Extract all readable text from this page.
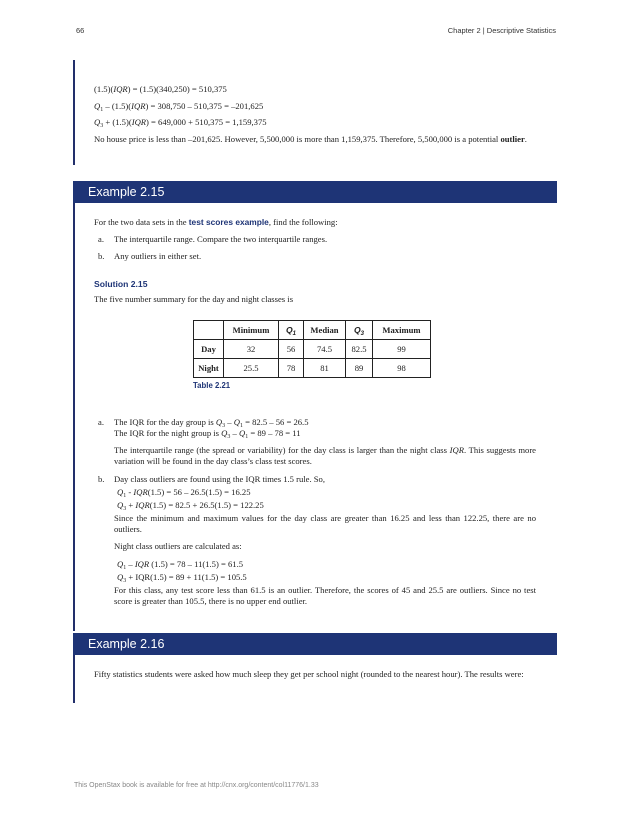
66	Chapter 2 | Descriptive Statistics
This OpenStax book is available for free at http://cnx.org/content/col11776/1.33
(1.5)(IQR) = (1.5)(340,250) = 510,375
$Q_1 - (1.5)(IQR) = 308,750 - 510,375 = -201,625$
$Q_3 + (1.5)(IQR) = 649,000 + 510,375 = 1,159,375$
No house price is less than –201,625. However, 5,500,000 is more than 1,159,375. Therefore, 5,500,000 is a potential outlier.
Example 2.15
For the two data sets in the test scores example, find the following:
a. The interquartile range. Compare the two interquartile ranges.
b. Any outliers in either set.
Solution 2.15
The five number summary for the day and night classes is
	Minimum	$Q_1$	Median	$Q_3$	Maximum
Day	32	56	74.5	82.5	99
Night	25.5	78	81	89	98
Table 2.21
a. The IQR for the day group is $Q_3 - Q_1 = 82.5 - 56 = 26.5$
The IQR for the night group is $Q_3 - Q_1 = 89 - 78 = 11$
The interquartile range (the spread or variability) for the day class is larger than the night class IQR. This suggests more variation will be found in the day class’s class test scores.
b. Day class outliers are found using the IQR times 1.5 rule. So,
$Q_1 - IQR(1.5) = 56 - 26.5(1.5) = 16.25$
$Q_3 + IQR(1.5) = 82.5 + 26.5(1.5) = 122.25$
Since the minimum and maximum values for the day class are greater than 16.25 and less than 122.25, there are no outliers.
Night class outliers are calculated as:
$Q_1$ – IQR (1.5) = 78 – 11(1.5) = 61.5
$Q_3 + IQR(1.5) = 89 + 11(1.5) = 105.5$
For this class, any test score less than 61.5 is an outlier. Therefore, the scores of 45 and 25.5 are outliers. Since no test score is greater than 105.5, there is no upper end outlier.
Example 2.16
Fifty statistics students were asked how much sleep they get per school night (rounded to the nearest hour). The results were:
